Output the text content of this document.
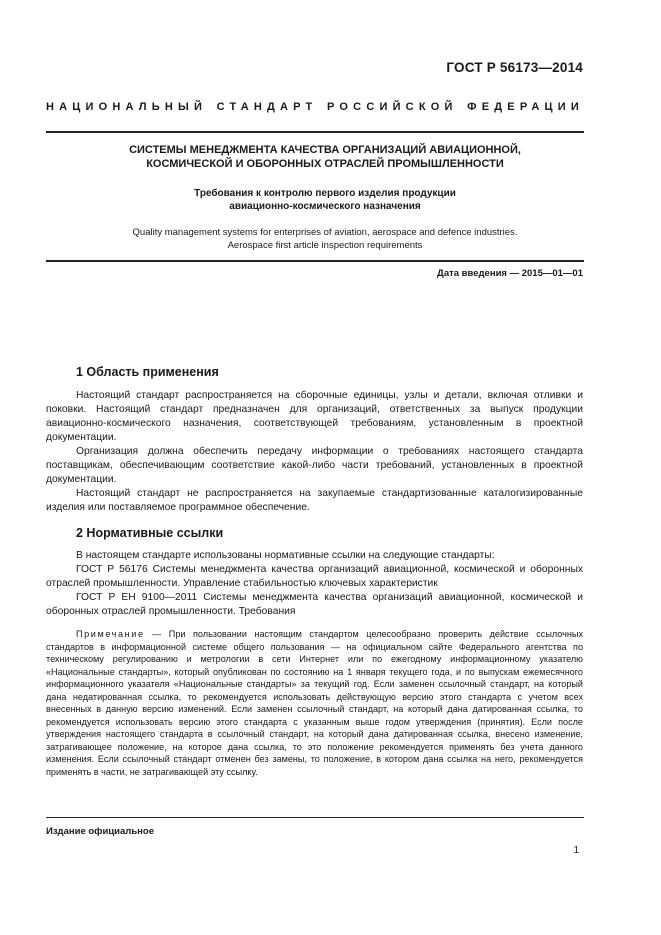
ГОСТ Р 56173—2014
НАЦИОНАЛЬНЫЙ СТАНДАРТ РОССИЙСКОЙ ФЕДЕРАЦИИ
СИСТЕМЫ МЕНЕДЖМЕНТА КАЧЕСТВА ОРГАНИЗАЦИЙ АВИАЦИОННОЙ,
КОСМИЧЕСКОЙ И ОБОРОННЫХ ОТРАСЛЕЙ ПРОМЫШЛЕННОСТИ
Требования к контролю первого изделия продукции
авиационно-космического назначения
Quality management systems for enterprises of aviation, aerospace and defence industries.
Aerospace first article inspection requirements
Дата введения — 2015—01—01
1 Область применения

Настоящий стандарт распространяется на сборочные единицы, узлы и детали, включая отливки и поковки. Настоящий стандарт предназначен для организаций, ответственных за выпуск продукции авиационно-космического назначения, соответствующей требованиям, установленным в проектной документации.

Организация должна обеспечить передачу информации о требованиях настоящего стандарта поставщикам, обеспечивающим соответствие какой-либо части требований, установленных в проектной документации.

Настоящий стандарт не распространяется на закупаемые стандартизованные каталогизированные изделия или поставляемое программное обеспечение.

2 Нормативные ссылки

В настоящем стандарте использованы нормативные ссылки на следующие стандарты:

ГОСТ Р 56176 Системы менеджмента качества организаций авиационной, космической и оборонных отраслей промышленности. Управление стабильностью ключевых характеристик

ГОСТ Р ЕН 9100—2011 Системы менеджмента качества организаций авиационной, космической и оборонных отраслей промышленности. Требования

Примечание — При пользовании настоящим стандартом целесообразно проверить действие ссылочных стандартов в информационной системе общего пользования — на официальном сайте Федерального агентства по техническому регулированию и метрологии в сети Интернет или по ежегодному информационному указателю «Национальные стандарты», который опубликован по состоянию на 1 января текущего года, и по выпускам ежемесячного информационного указателя «Национальные стандарты» за текущий год. Если заменен ссылочный стандарт, на который дана недатированная ссылка, то рекомендуется использовать действующую версию этого стандарта с учетом всех внесенных в данную версию изменений. Если заменен ссылочный стандарт, на который дана датированная ссылка, то рекомендуется использовать версию этого стандарта с указанным выше годом утверждения (принятия). Если после утверждения настоящего стандарта в ссылочный стандарт, на который дана датированная ссылка, внесено изменение, затрагивающее положение, на которое дана ссылка, то это положение рекомендуется применять без учета данного изменения. Если ссылочный стандарт отменен без замены, то положение, в котором дана ссылка на него, рекомендуется применять в части, не затрагивающей эту ссылку.

Издание официальное
1
